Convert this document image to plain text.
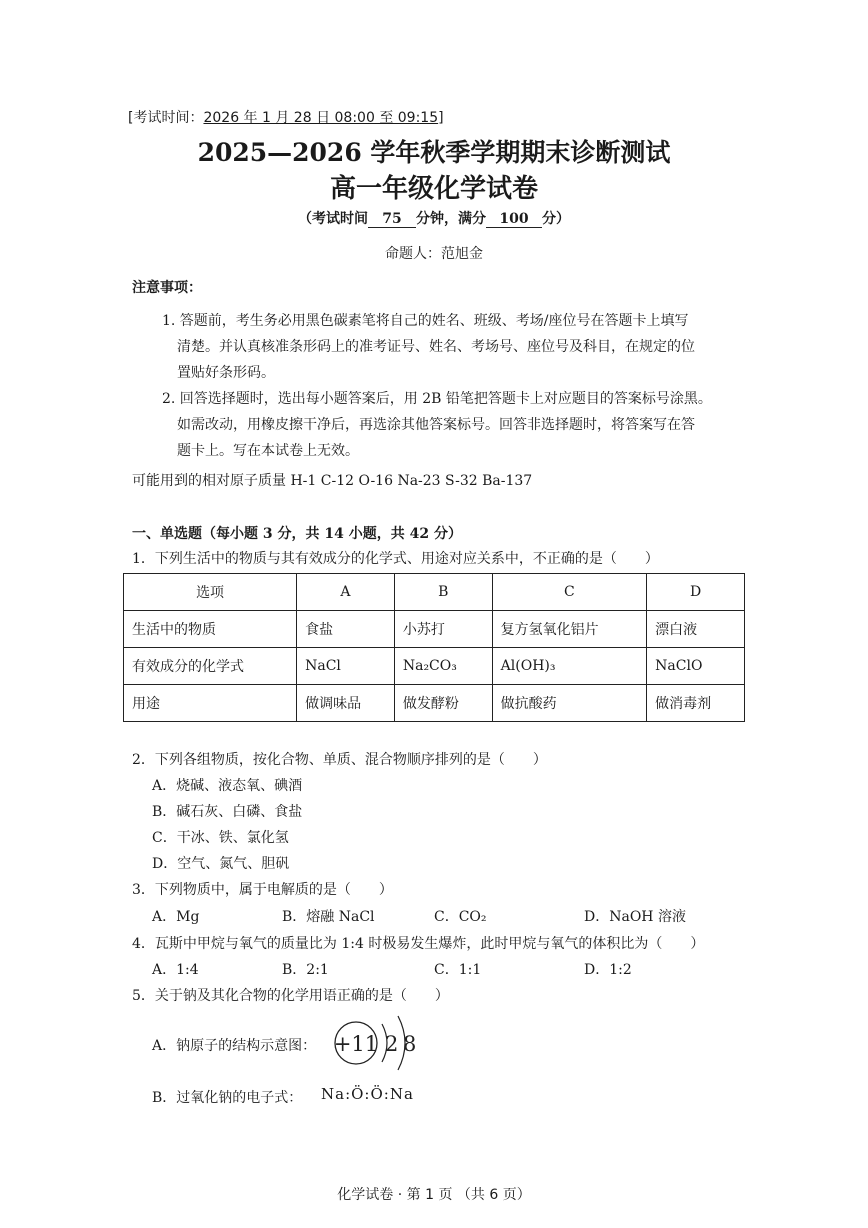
[考试时间：2026 年 1 月 28 日 08:00 至 09:15]
2025—2026 学年秋季学期期末诊断测试
高一年级化学试卷
（考试时间 75 分钟，满分 100 分）
命题人：范旭金
注意事项：
1. 答题前，考生务必用黑色碳素笔将自己的姓名、班级、考场/座位号在答题卡上填写
清楚。并认真核准条形码上的准考证号、姓名、考场号、座位号及科目，在规定的位
置贴好条形码。
2. 回答选择题时，选出每小题答案后，用 2B 铅笔把答题卡上对应题目的答案标号涂黑。
如需改动，用橡皮擦干净后，再选涂其他答案标号。回答非选择题时，将答案写在答
题卡上。写在本试卷上无效。
可能用到的相对原子质量 H-1 C-12 O-16 Na-23 S-32 Ba-137
一、单选题（每小题 3 分，共 14 小题，共 42 分）
1．下列生活中的物质与其有效成分的化学式、用途对应关系中，不正确的是（　　）
选项	A	B	C	D
生活中的物质	食盐	小苏打	复方氢氧化铝片	漂白液
有效成分的化学式	NaCl	Na₂CO₃	Al(OH)₃	NaClO
用途	做调味品	做发酵粉	做抗酸药	做消毒剂
2．下列各组物质，按化合物、单质、混合物顺序排列的是（　　）
A．烧碱、液态氧、碘酒
B．碱石灰、白磷、食盐
C．干冰、铁、氯化氢
D．空气、氮气、胆矾
3．下列物质中，属于电解质的是（　　）
A．Mg	B．熔融 NaCl	C．CO₂	D．NaOH 溶液
4．瓦斯中甲烷与氧气的质量比为 1:4 时极易发生爆炸，此时甲烷与氧气的体积比为（　　）
A．1:4	B．2:1	C．1:1	D．1:2
5．关于钠及其化合物的化学用语正确的是（　　）
A．钠原子的结构示意图： +11 2 8
B．过氧化钠的电子式： Na:Ö:Ö:Na
化学试卷 · 第 1 页 （共 6 页）
